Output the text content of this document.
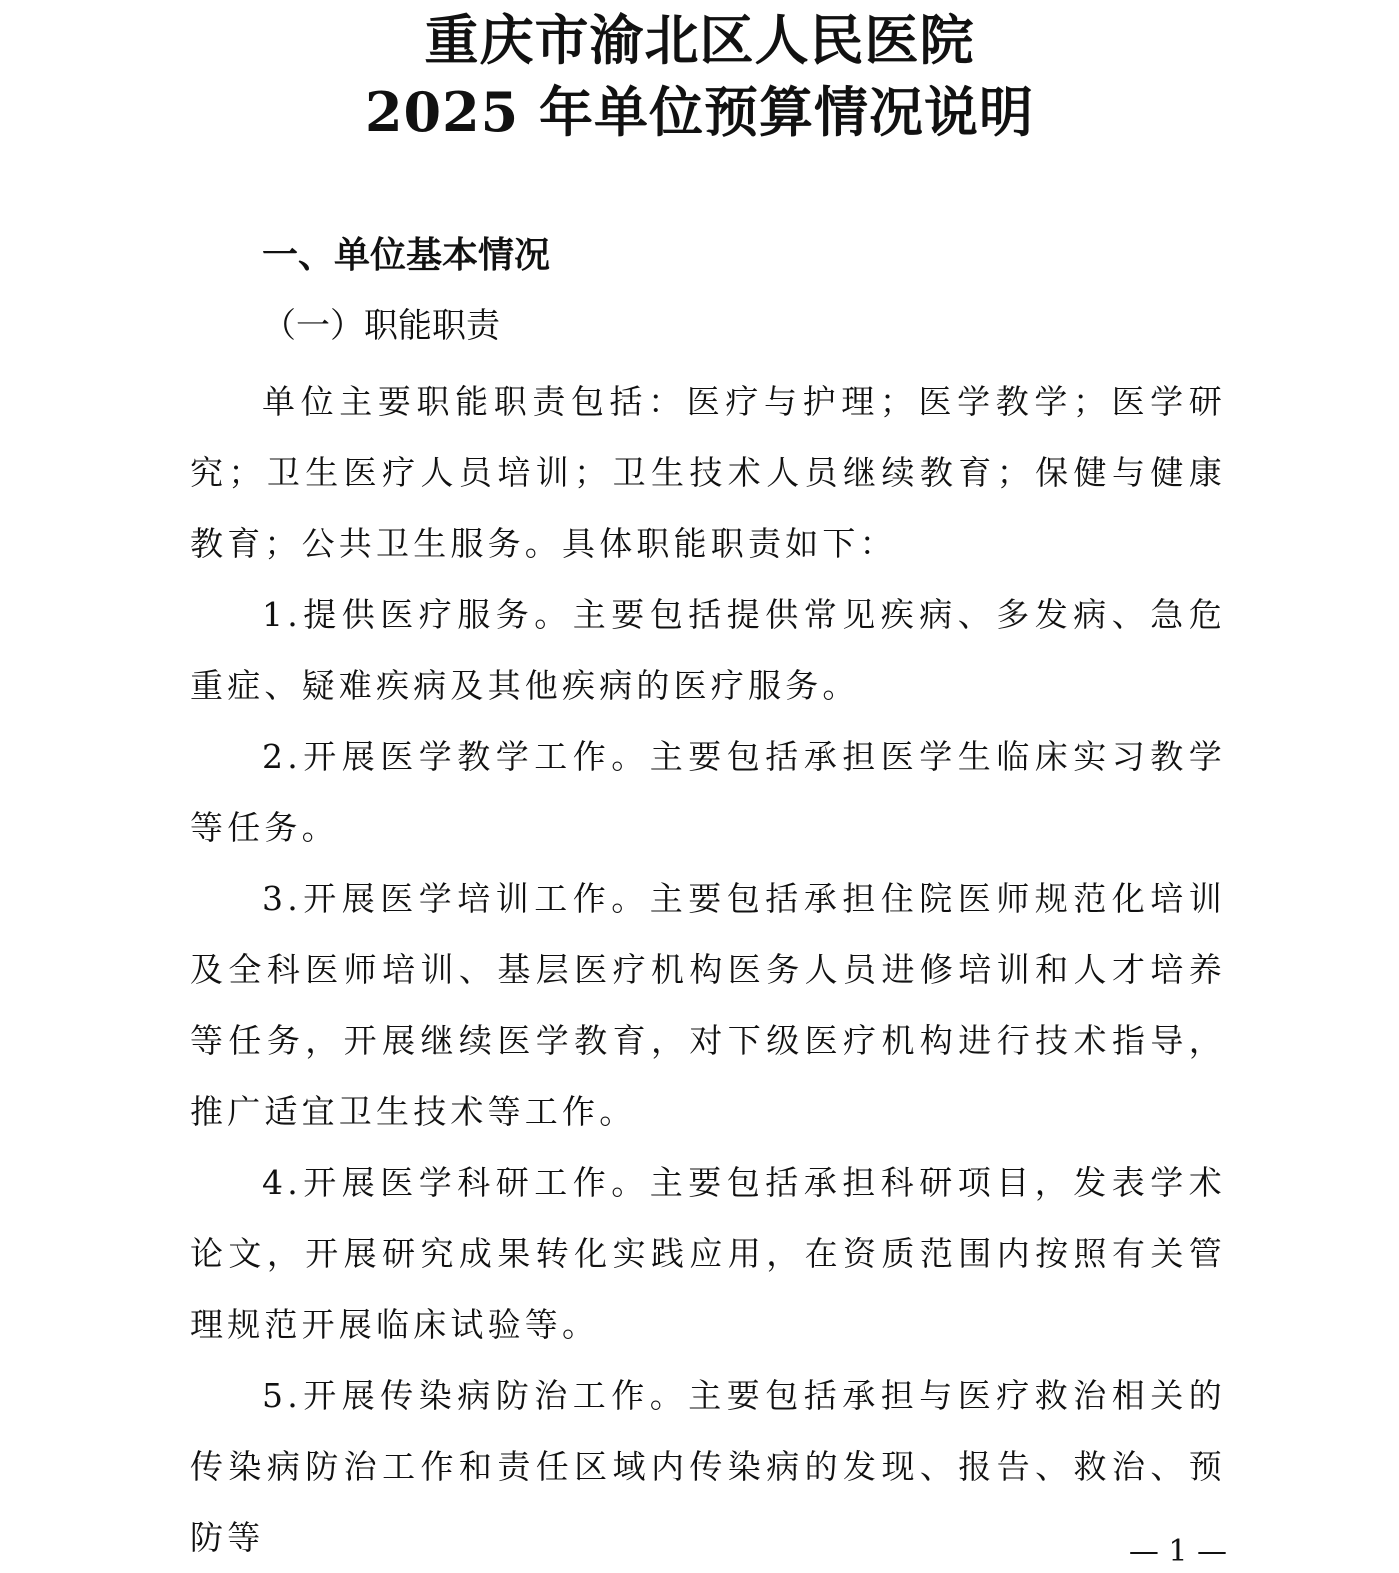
重庆市渝北区人民医院
2025 年单位预算情况说明
一、单位基本情况
（一）职能职责

单位主要职能职责包括：医疗与护理；医学教学；医学研究；卫生医疗人员培训；卫生技术人员继续教育；保健与健康教育；公共卫生服务。具体职能职责如下：

1.提供医疗服务。主要包括提供常见疾病、多发病、急危重症、疑难疾病及其他疾病的医疗服务。

2.开展医学教学工作。主要包括承担医学生临床实习教学等任务。

3.开展医学培训工作。主要包括承担住院医师规范化培训及全科医师培训、基层医疗机构医务人员进修培训和人才培养等任务，开展继续医学教育，对下级医疗机构进行技术指导，推广适宜卫生技术等工作。

4.开展医学科研工作。主要包括承担科研项目，发表学术论文，开展研究成果转化实践应用，在资质范围内按照有关管理规范开展临床试验等。

5.开展传染病防治工作。主要包括承担与医疗救治相关的传染病防治工作和责任区域内传染病的发现、报告、救治、预防等	— 1 —
